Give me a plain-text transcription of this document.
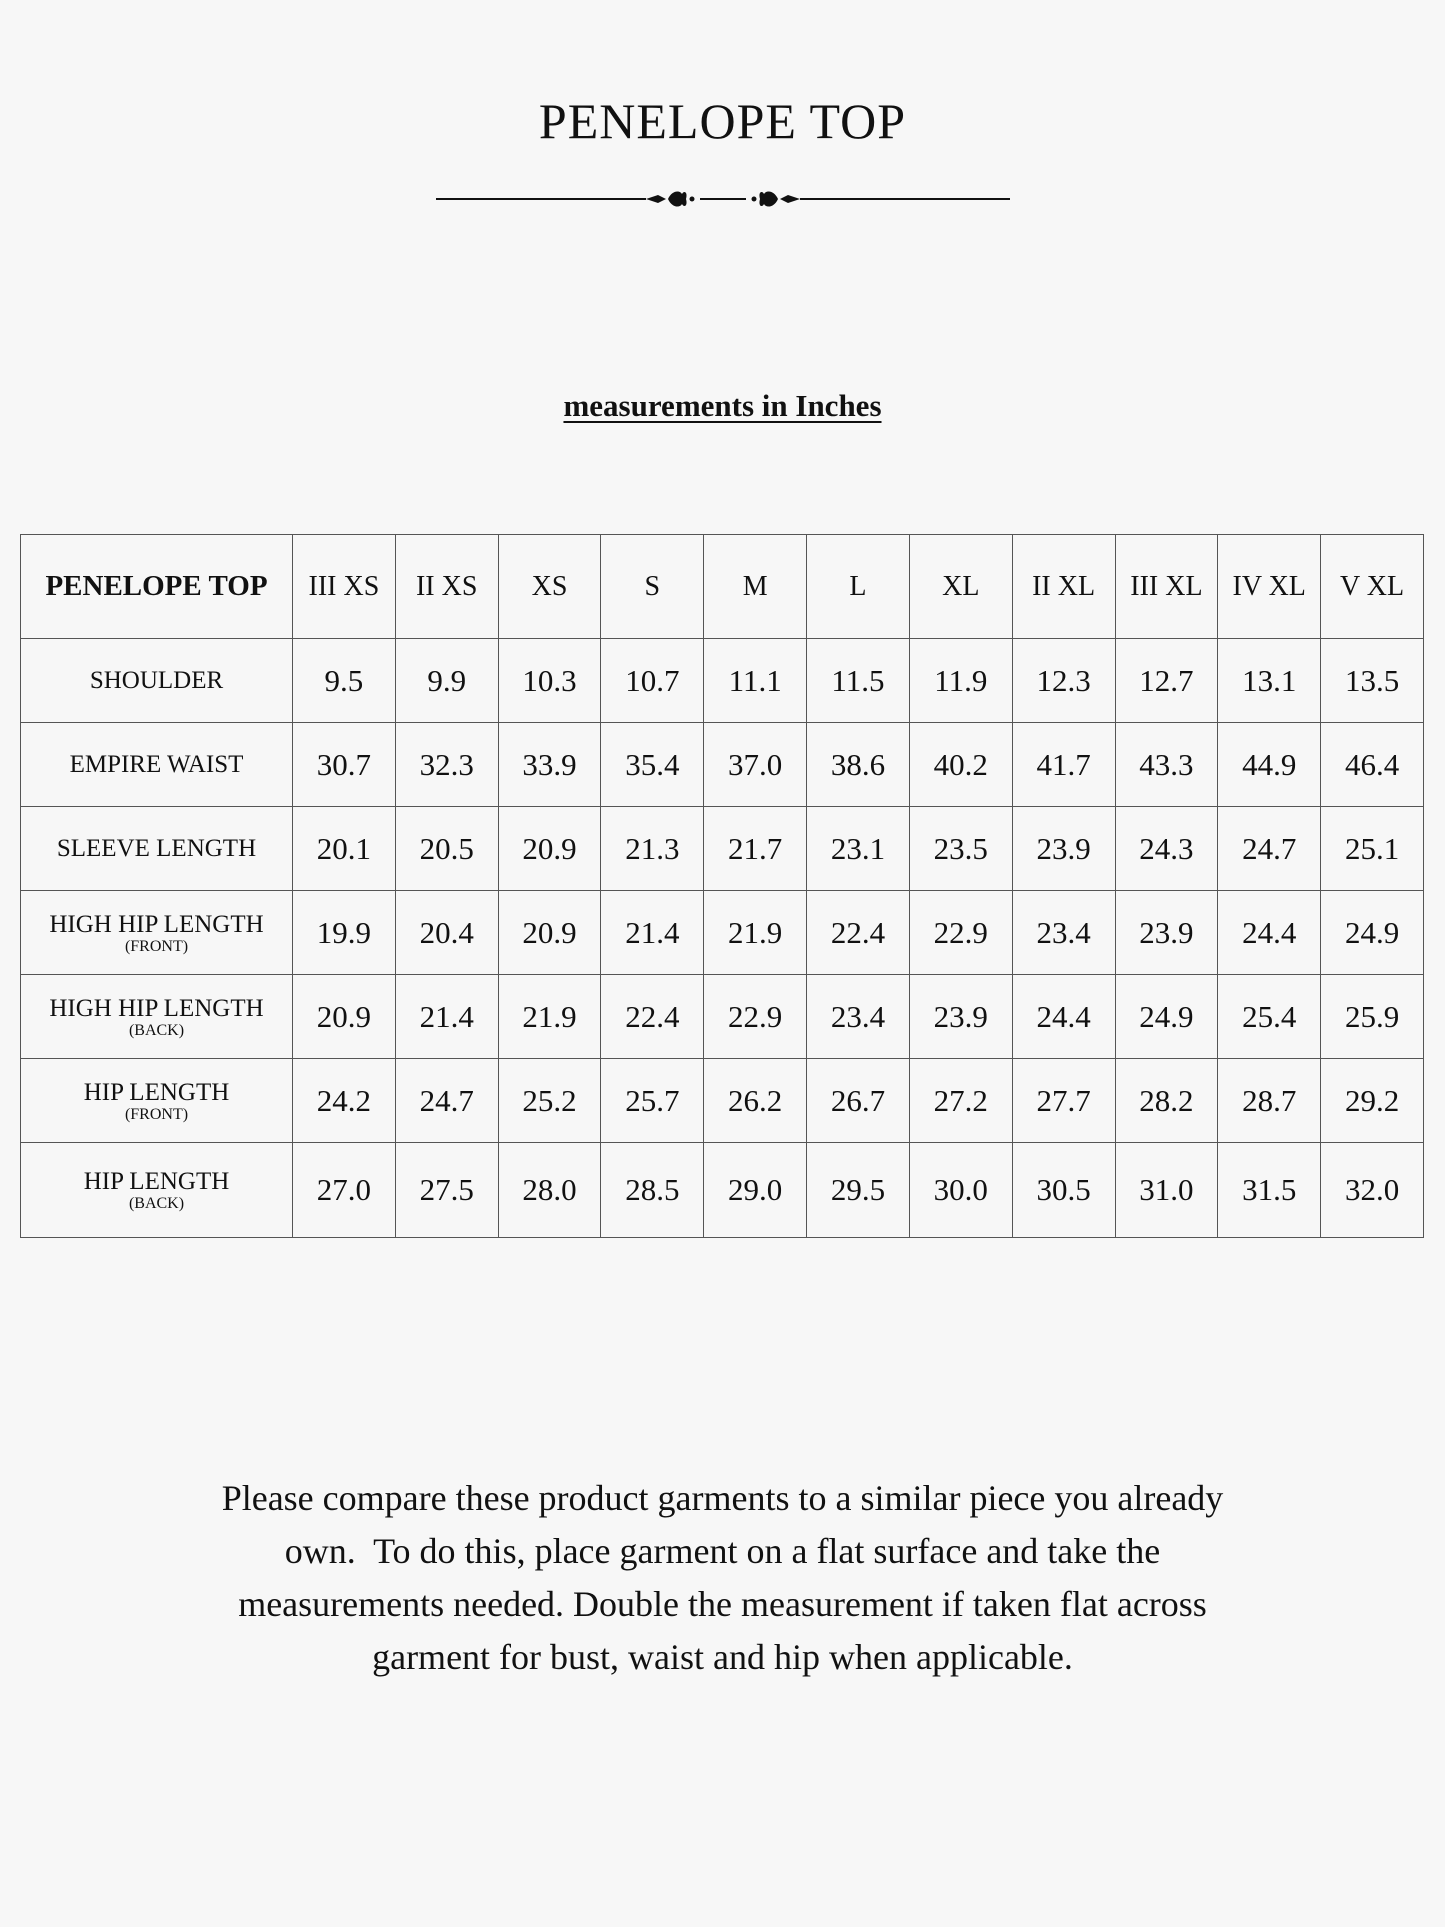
PENELOPE TOP
measurements in Inches
PENELOPE TOP	III XS	II XS	XS	S	M	L	XL	II XL	III XL	IV XL	V XL
SHOULDER	9.5	9.9	10.3	10.7	11.1	11.5	11.9	12.3	12.7	13.1	13.5
EMPIRE WAIST	30.7	32.3	33.9	35.4	37.0	38.6	40.2	41.7	43.3	44.9	46.4
SLEEVE LENGTH	20.1	20.5	20.9	21.3	21.7	23.1	23.5	23.9	24.3	24.7	25.1
HIGH HIP LENGTH
(FRONT)	19.9	20.4	20.9	21.4	21.9	22.4	22.9	23.4	23.9	24.4	24.9
HIGH HIP LENGTH
(BACK)	20.9	21.4	21.9	22.4	22.9	23.4	23.9	24.4	24.9	25.4	25.9
HIP LENGTH
(FRONT)	24.2	24.7	25.2	25.7	26.2	26.7	27.2	27.7	28.2	28.7	29.2
HIP LENGTH
(BACK)	27.0	27.5	28.0	28.5	29.0	29.5	30.0	30.5	31.0	31.5	32.0
Please compare these product garments to a similar piece you already
own.  To do this, place garment on a flat surface and take the
measurements needed. Double the measurement if taken flat across
garment for bust, waist and hip when applicable.
